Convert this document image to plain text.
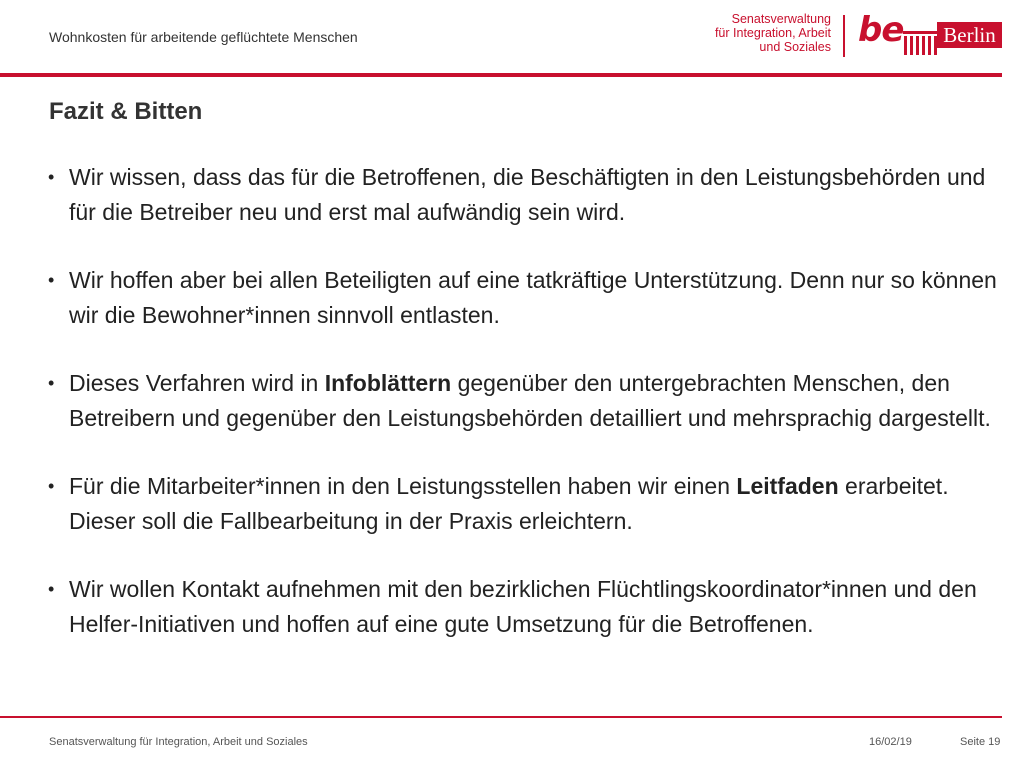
Wohnkosten für arbeitende geflüchtete Menschen
Senatsverwaltung
für Integration, Arbeit
und Soziales be Berlin
Fazit & Bitten
• Wir wissen, dass das für die Betroffenen, die Beschäftigten in den Leistungsbehörden und für die Betreiber neu und erst mal aufwändig sein wird.
• Wir hoffen aber bei allen Beteiligten auf eine tatkräftige Unterstützung. Denn nur so können wir die Bewohner*innen sinnvoll entlasten.
• Dieses Verfahren wird in Infoblättern gegenüber den untergebrachten Menschen, den Betreibern und gegenüber den Leistungsbehörden detailliert und mehrsprachig dargestellt.
• Für die Mitarbeiter*innen in den Leistungsstellen haben wir einen Leitfaden erarbeitet. Dieser soll die Fallbearbeitung in der Praxis erleichtern.
• Wir wollen Kontakt aufnehmen mit den bezirklichen Flüchtlingskoordinator*innen und den Helfer-Initiativen und hoffen auf eine gute Umsetzung für die Betroffenen.
Senatsverwaltung für Integration, Arbeit und Soziales	16/02/19	Seite 19
